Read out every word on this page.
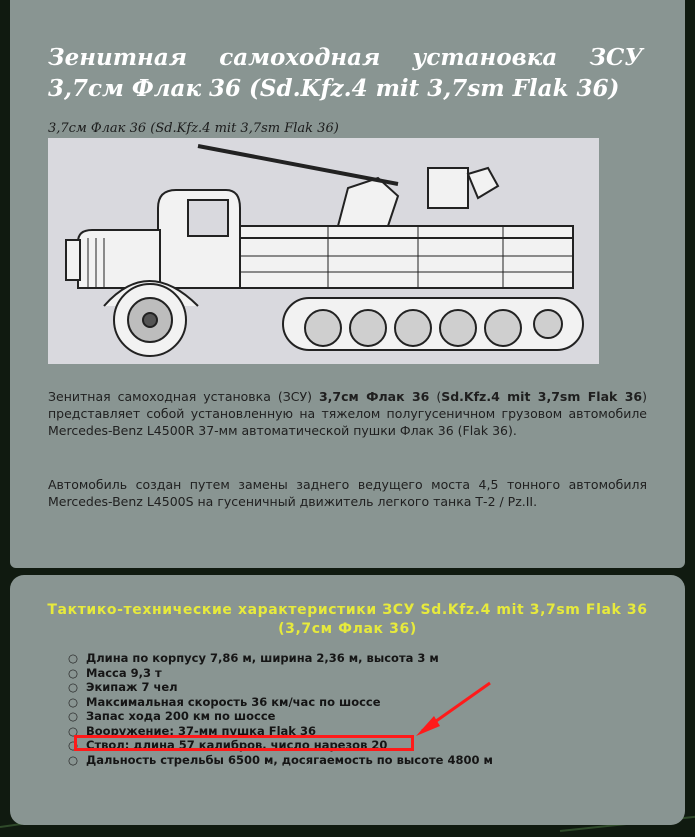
Зенитная самоходная установка ЗСУ 3,7см Флак 36 (Sd.Kfz.4 mit 3,7sm Flak 36)

3,7см Флак 36 (Sd.Kfz.4 mit 3,7sm Flak 36)

Зенитная самоходная установка (ЗСУ) 3,7см Флак 36 (Sd.Kfz.4 mit 3,7sm Flak 36) представляет собой установленную на тяжелом полугусеничном грузовом автомобиле Mercedes-Benz L4500R 37-мм автоматической пушки Флак 36 (Flak 36).

Автомобиль создан путем замены заднего ведущего моста 4,5 тонного автомобиля Mercedes-Benz L4500S на гусеничный движитель легкого танка Т-2 / Pz.II.

Тактико-технические характеристики ЗСУ Sd.Kfz.4 mit 3,7sm Flak 36 (3,7см Флак 36)
○ Длина по корпусу 7,86 м, ширина 2,36 м, высота 3 м
○ Масса 9,3 т
○ Экипаж 7 чел
○ Максимальная скорость 36 км/час по шоссе
○ Запас хода 200 км по шоссе
○ Вооружение: 37-мм пушка Flak 36
○ Ствол: длина 57 калибров, число нарезов 20
○ Дальность стрельбы 6500 м, досягаемость по высоте 4800 м
